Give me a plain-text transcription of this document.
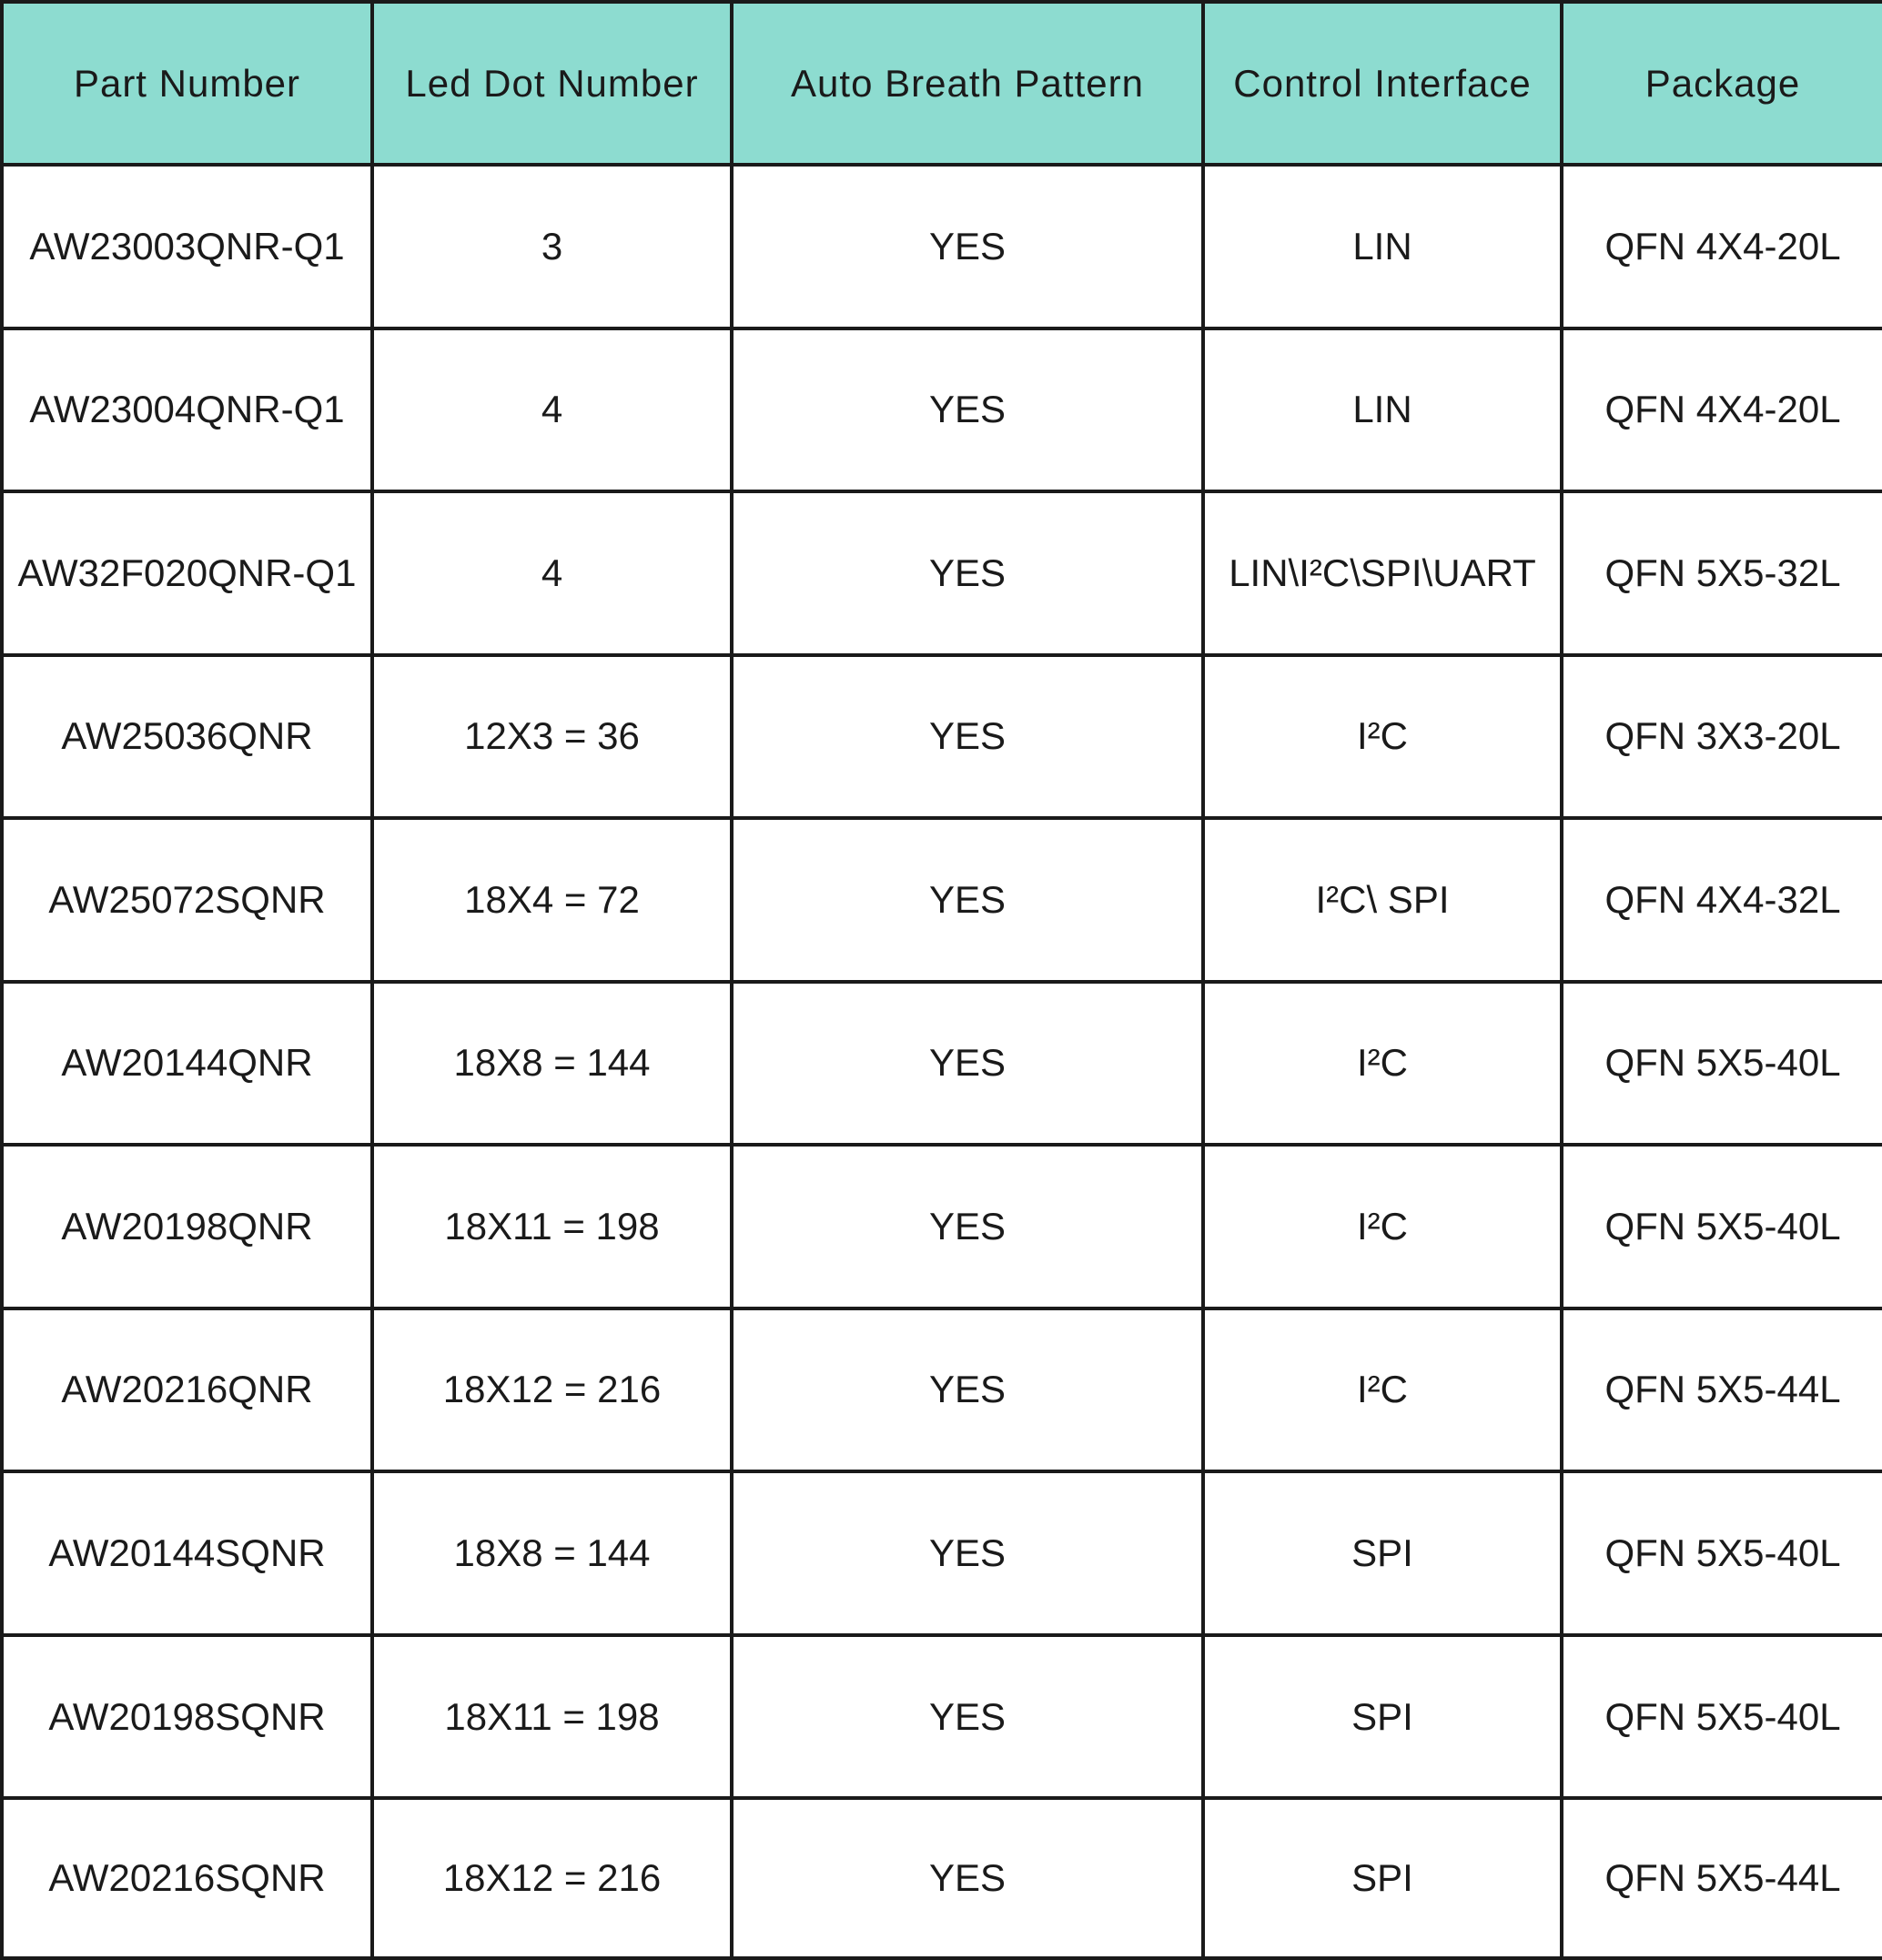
Part Number	Led Dot Number	Auto Breath Pattern	Control Interface	Package
AW23003QNR-Q1	3	YES	LIN	QFN 4X4-20L
AW23004QNR-Q1	4	YES	LIN	QFN 4X4-20L
AW32F020QNR-Q1	4	YES	LIN\I²C\SPI\UART	QFN 5X5-32L
AW25036QNR	12X3 = 36	YES	I²C	QFN 3X3-20L
AW25072SQNR	18X4 = 72	YES	I²C\ SPI	QFN 4X4-32L
AW20144QNR	18X8 = 144	YES	I²C	QFN 5X5-40L
AW20198QNR	18X11 = 198	YES	I²C	QFN 5X5-40L
AW20216QNR	18X12 = 216	YES	I²C	QFN 5X5-44L
AW20144SQNR	18X8 = 144	YES	SPI	QFN 5X5-40L
AW20198SQNR	18X11 = 198	YES	SPI	QFN 5X5-40L
AW20216SQNR	18X12 = 216	YES	SPI	QFN 5X5-44L
